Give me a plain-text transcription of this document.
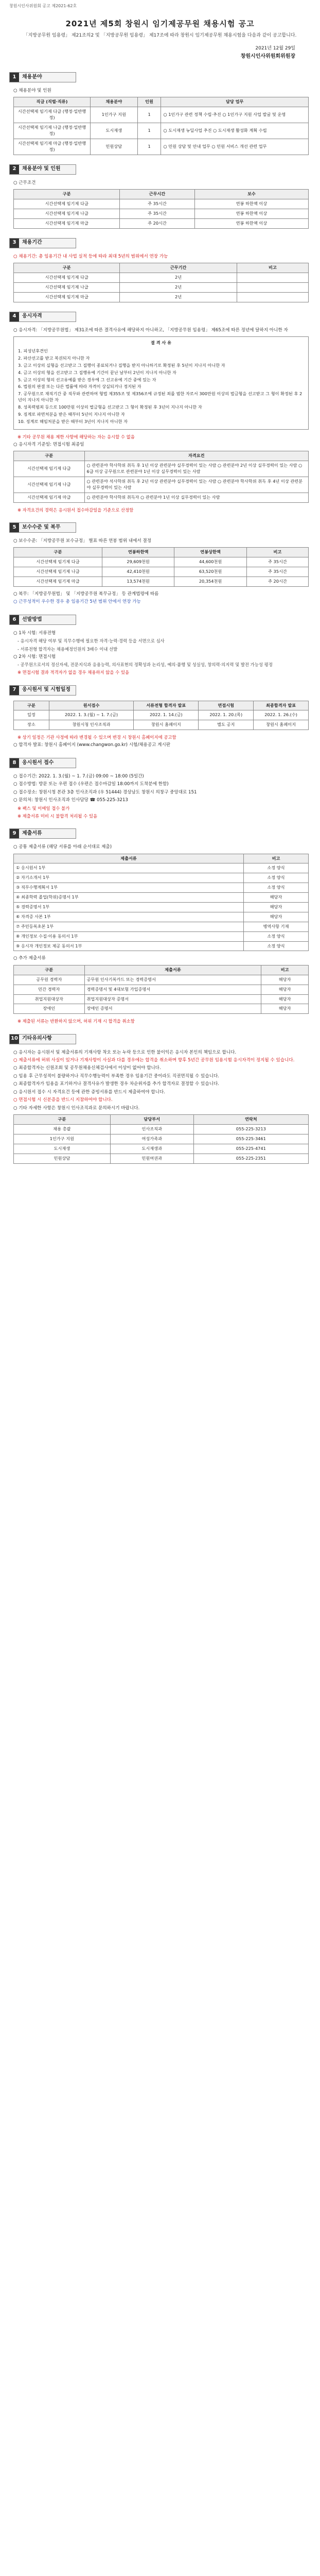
창원시인사위원회 공고 제2021-62호
2021년 제5회 창원시 임기제공무원 채용시험 공고
「지방공무원 임용령」 제21조의2 및 「지방공무원 임용령」 제17조에 따라 창원시 임기제공무원 채용시험을 다음과 같이 공고합니다.
2021년 12월 29일
창원시인사위원회위원장
1	채용분야
○ 채용분야 및 인원
직급 (직렬·직류)	채용분야	인원	담당 업무
시간선택제 임기제 다급 (행정·일반행정)	1인가구 지원	1	○ 1인가구 관련 정책 수립·추진 ○ 1인가구 지원 사업 발굴 및 운영
시간선택제 임기제 나급 (행정·일반행정)	도시재생	1	○ 도시재생 뉴딜사업 추진 ○ 도시재생 활성화 계획 수립
시간선택제 임기제 마급 (행정·일반행정)	민원상담	1	○ 민원 상담 및 안내 업무 ○ 민원 서비스 개선 관련 업무
2	채용분야 및 인원
○ 근무조건
구분	근무시간	보수
시간선택제 임기제 다급	주 35시간	연봉 하한액 이상
시간선택제 임기제 나급	주 35시간	연봉 하한액 이상
시간선택제 임기제 마급	주 20시간	연봉 하한액 이상
3	채용기간
○ 채용기간: 총 임용기간 내 사업 실적 등에 따라 최대 5년의 범위에서 연장 가능
구분	근무기간	비고
시간선택제 임기제 다급	2년	
시간선택제 임기제 나급	2년	
시간선택제 임기제 마급	2년	
4	응시자격
○ 응시자격: 「지방공무원법」 제31조에 따른 결격사유에 해당하지 아니하고, 「지방공무원 임용령」 제65조에 따른 정년에 달하지 아니한 자
결 격 사 유
1. 피성년후견인
2. 파산선고를 받고 복권되지 아니한 자
3. 금고 이상의 실형을 선고받고 그 집행이 종료되거나 집행을 받지 아니하기로 확정된 후 5년이 지나지 아니한 자
4. 금고 이상의 형을 선고받고 그 집행유예 기간이 끝난 날부터 2년이 지나지 아니한 자
5. 금고 이상의 형의 선고유예를 받은 경우에 그 선고유예 기간 중에 있는 자
6. 법원의 판결 또는 다른 법률에 따라 자격이 상실되거나 정지된 자
7. 공무원으로 재직기간 중 직무와 관련하여 형법 제355조 및 제356조에 규정된 죄를 범한 자로서 300만원 이상의 벌금형을 선고받고 그 형이 확정된 후 2년이 지나지 아니한 자
8. 성폭력범죄 등으로 100만원 이상의 벌금형을 선고받고 그 형이 확정된 후 3년이 지나지 아니한 자
9. 징계로 파면처분을 받은 때부터 5년이 지나지 아니한 자
10. 징계로 해임처분을 받은 때부터 3년이 지나지 아니한 자
※ 기타 공무원 채용 제한 사항에 해당하는 자는 응시할 수 없음
○ 응시자격 기준일: 면접시험 최종일
구분	자격요건
시간선택제 임기제 다급	○ 관련분야 학사학위 취득 후 1년 이상 관련분야 실무경력이 있는 사람 ○ 관련분야 2년 이상 실무경력이 있는 사람 ○ 6급 이상 공무원으로 관련분야 1년 이상 실무경력이 있는 사람
시간선택제 임기제 나급	○ 관련분야 석사학위 취득 후 2년 이상 관련분야 실무경력이 있는 사람 ○ 관련분야 학사학위 취득 후 4년 이상 관련분야 실무경력이 있는 사람
시간선택제 임기제 마급	○ 관련분야 학사학위 취득자 ○ 관련분야 1년 이상 실무경력이 있는 사람
※ 자격요건의 경력은 응시원서 접수마감일을 기준으로 산정함
5	보수수준 및 복무
○ 보수수준: 「지방공무원 보수규정」 별표 따른 연봉 범위 내에서 결정
구분	연봉하한액	연봉상한액	비고
시간선택제 임기제 다급	29,609천원	44,600천원	주 35시간
시간선택제 임기제 나급	42,410천원	63,520천원	주 35시간
시간선택제 임기제 마급	13,574천원	20,354천원	주 20시간
○ 복무: 「지방공무원법」 및 「지방공무원 복무규정」 등 관계법령에 따름
○ 근무성적이 우수한 경우 총 임용기간 5년 범위 안에서 연장 가능
6	선발방법
○ 1차 시험: 서류전형
- 응시자격 해당 여부 및 직무수행에 필요한 자격·능력·경력 등을 서면으로 심사
- 서류전형 합격자는 채용예정인원의 3배수 이내 선발
○ 2차 시험: 면접시험
- 공무원으로서의 정신자세, 전문지식과 응용능력, 의사표현의 정확성과 논리성, 예의·품행 및 성실성, 창의력·의지력 및 발전 가능성 평정
※ 면접시험 결과 적격자가 없을 경우 채용하지 않을 수 있음
7	응시원서 및 시험일정
구분	원서접수	서류전형 합격자 발표	면접시험	최종합격자 발표
일정	2022. 1. 3.(월) ~ 1. 7.(금)	2022. 1. 14.(금)	2022. 1. 20.(목)	2022. 1. 26.(수)
장소	창원시청 인사조직과	창원시 홈페이지	별도 공지	창원시 홈페이지
※ 상기 일정은 기관 사정에 따라 변경될 수 있으며 변경 시 창원시 홈페이지에 공고함
○ 합격자 발표: 창원시 홈페이지 (www.changwon.go.kr) 시험/채용공고 게시판
8	응시원서 접수
○ 접수기간: 2022. 1. 3.(월) ~ 1. 7.(금) 09:00 ~ 18:00 (5일간)
○ 접수방법: 방문 또는 우편 접수 (우편은 접수마감일 18:00까지 도착분에 한함)
○ 접수장소: 창원시청 본관 3층 인사조직과 (우 51444) 경상남도 창원시 의창구 중앙대로 151
○ 문의처: 창원시 인사조직과 인사담당 ☎ 055-225-3213
※ 팩스 및 이메일 접수 불가
※ 제출서류 미비 시 불합격 처리될 수 있음
9	제출서류
○ 공통 제출서류 (해당 서류를 아래 순서대로 제출)
제출서류	비고
① 응시원서 1부	소정 양식
② 자기소개서 1부	소정 양식
③ 직무수행계획서 1부	소정 양식
④ 최종학력 졸업(학위)증명서 1부	해당자
⑤ 경력증명서 1부	해당자
⑥ 자격증 사본 1부	해당자
⑦ 주민등록초본 1부	병역사항 기재
⑧ 개인정보 수집·이용 동의서 1부	소정 양식
⑨ 응시자 개인정보 제공 동의서 1부	소정 양식
○ 추가 제출서류
구분	제출서류	비고
공무원 경력자	공무원 인사기록카드 또는 경력증명서	해당자
민간 경력자	경력증명서 및 4대보험 가입증명서	해당자
취업지원대상자	취업지원대상자 증명서	해당자
장애인	장애인 증명서	해당자
※ 제출된 서류는 반환하지 않으며, 허위 기재 시 합격을 취소함
10 기타유의사항
○ 응시자는 응시원서 및 제출서류의 기재사항 착오 또는 누락 등으로 인한 불이익은 응시자 본인의 책임으로 합니다.
○ 제출서류에 허위 사실이 있거나 기재사항이 사실과 다를 경우에는 합격을 취소하며 향후 5년간 공무원 임용시험 응시자격이 정지될 수 있습니다.
○ 최종합격자는 신원조회 및 공무원채용신체검사에서 이상이 없어야 합니다.
○ 임용 후 근무성적이 불량하거나 직무수행능력이 부족한 경우 임용기간 중이라도 직권면직될 수 있습니다.
○ 최종합격자가 임용을 포기하거나 결격사유가 발생한 경우 차순위자를 추가 합격자로 결정할 수 있습니다.
○ 응시원서 접수 시 자격요건 등에 관한 증빙서류를 반드시 제출하여야 합니다.
○ 면접시험 시 신분증을 반드시 지참하여야 합니다.
○ 기타 자세한 사항은 창원시 인사조직과로 문의하시기 바랍니다.
구분	담당부서	연락처
채용 총괄	인사조직과	055-225-3213
1인가구 지원	여성가족과	055-225-3461
도시재생	도시재생과	055-225-4741
민원상담	민원여권과	055-225-2351
